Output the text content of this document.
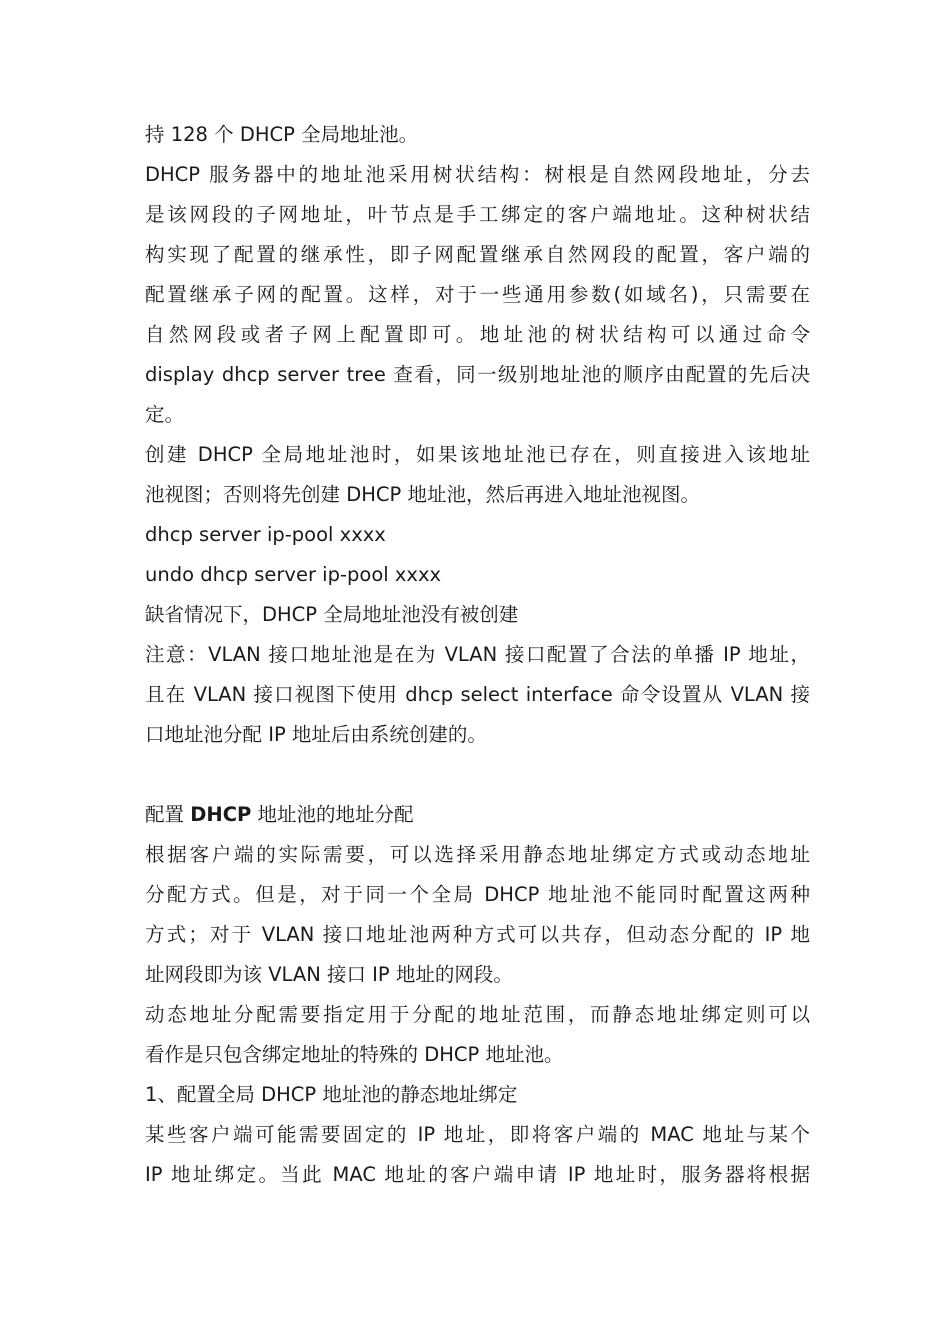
持 128 个 DHCP 全局地址池。
DHCP 服务器中的地址池采用树状结构：树根是自然网段地址，分去
是该网段的子网地址，叶节点是手工绑定的客户端地址。这种树状结
构实现了配置的继承性，即子网配置继承自然网段的配置，客户端的
配置继承子网的配置。这样，对于一些通用参数(如域名)，只需要在
自然网段或者子网上配置即可。地址池的树状结构可以通过命令
display dhcp server tree 查看，同一级别地址池的顺序由配置的先后决
定。
创建 DHCP 全局地址池时，如果该地址池已存在，则直接进入该地址
池视图；否则将先创建 DHCP 地址池，然后再进入地址池视图。
dhcp server ip-pool xxxx
undo dhcp server ip-pool xxxx
缺省情况下，DHCP 全局地址池没有被创建
注意：VLAN 接口地址池是在为 VLAN 接口配置了合法的单播 IP 地址，
且在 VLAN 接口视图下使用 dhcp select interface 命令设置从 VLAN 接
口地址池分配 IP 地址后由系统创建的。
配置 DHCP 地址池的地址分配
根据客户端的实际需要，可以选择采用静态地址绑定方式或动态地址
分配方式。但是，对于同一个全局 DHCP 地址池不能同时配置这两种
方式；对于 VLAN 接口地址池两种方式可以共存，但动态分配的 IP 地
址网段即为该 VLAN 接口 IP 地址的网段。
动态地址分配需要指定用于分配的地址范围，而静态地址绑定则可以
看作是只包含绑定地址的特殊的 DHCP 地址池。
1、配置全局 DHCP 地址池的静态地址绑定
某些客户端可能需要固定的 IP 地址，即将客户端的 MAC 地址与某个
IP 地址绑定。当此 MAC 地址的客户端申请 IP 地址时，服务器将根据
